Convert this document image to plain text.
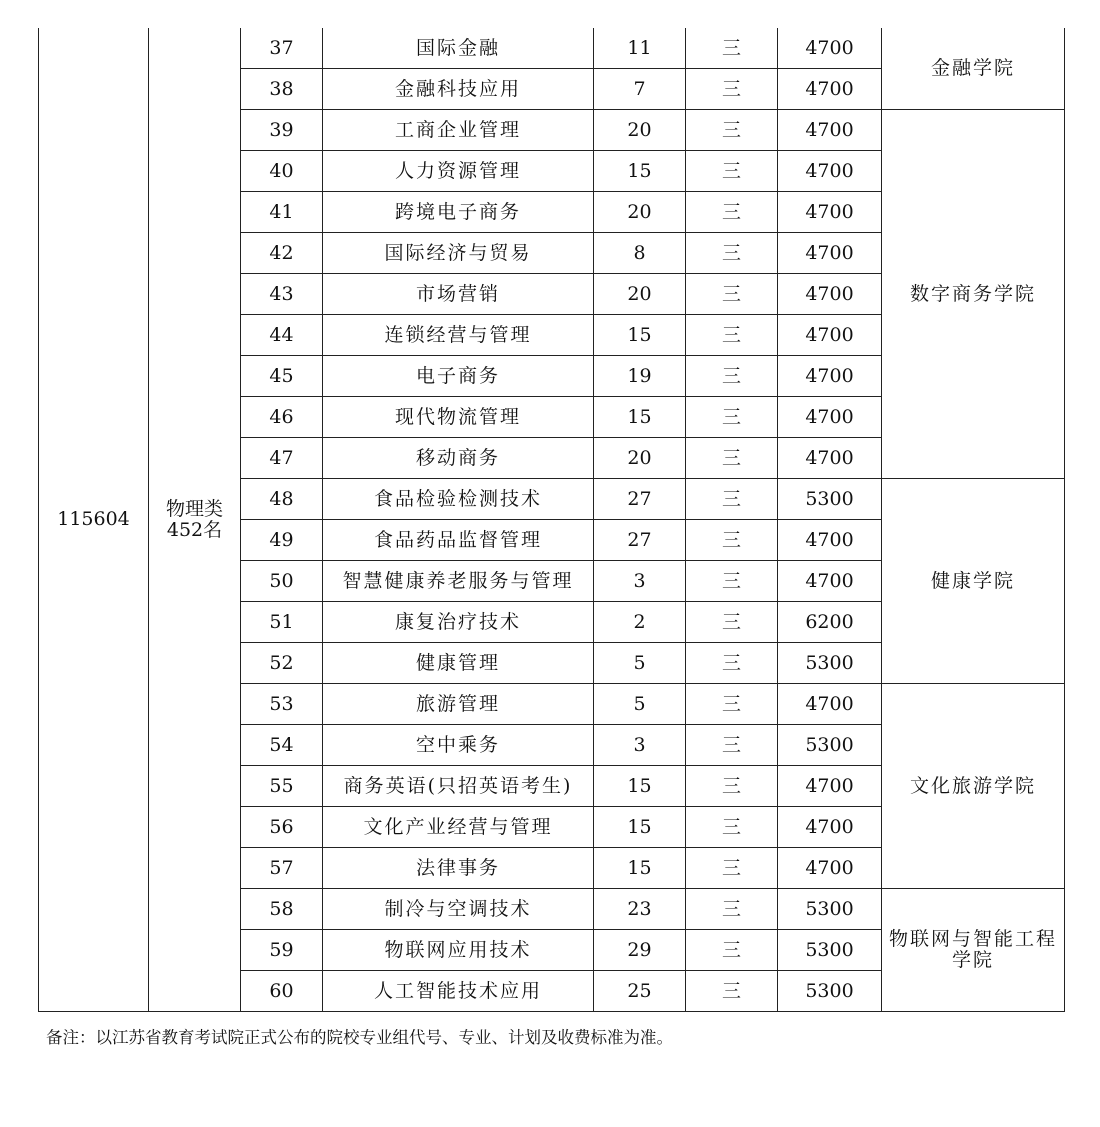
115604	物理类452名	37	国际金融	11	三	4700	金融学院
		38	金融科技应用	7	三	4700	
		39	工商企业管理	20	三	4700	数字商务学院
		40	人力资源管理	15	三	4700	
		41	跨境电子商务	20	三	4700	
		42	国际经济与贸易	8	三	4700	
		43	市场营销	20	三	4700	
		44	连锁经营与管理	15	三	4700	
		45	电子商务	19	三	4700	
		46	现代物流管理	15	三	4700	
		47	移动商务	20	三	4700	
		48	食品检验检测技术	27	三	5300	健康学院
		49	食品药品监督管理	27	三	4700	
		50	智慧健康养老服务与管理	3	三	4700	
		51	康复治疗技术	2	三	6200	
		52	健康管理	5	三	5300	
		53	旅游管理	5	三	4700	文化旅游学院
		54	空中乘务	3	三	5300	
		55	商务英语(只招英语考生)	15	三	4700	
		56	文化产业经营与管理	15	三	4700	
		57	法律事务	15	三	4700	
		58	制冷与空调技术	23	三	5300	物联网与智能工程学院
		59	物联网应用技术	29	三	5300	
		60	人工智能技术应用	25	三	5300	
备注：以江苏省教育考试院正式公布的院校专业组代号、专业、计划及收费标准为准。
